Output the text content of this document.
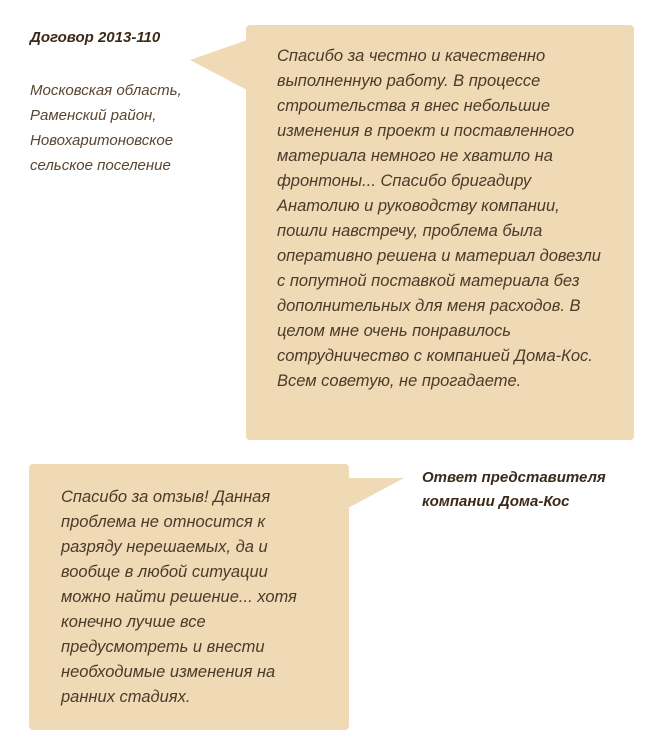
Договор 2013-110

Московская область, Раменский район, Новохаритоновское сельское поселение

Спасибо за честно и качественно выполненную работу. В процессе строительства я внес небольшие изменения в проект и поставленного материала немного не хватило на фронтоны... Спасибо бригадиру Анатолию и руководству компании, пошли навстречу, проблема была оперативно решена и материал довезли с попутной поставкой материала без дополнительных для меня расходов. В целом мне очень понравилось сотрудничество с компанией Дома-Кос. Всем советую, не прогадаете.
Спасибо за отзыв! Данная проблема не относится к разряду нерешаемых, да и вообще в любой ситуации можно найти решение... хотя конечно лучше все предусмотреть и внести необходимые изменения на ранних стадиях.
Ответ представителя компании Дома-Кос
